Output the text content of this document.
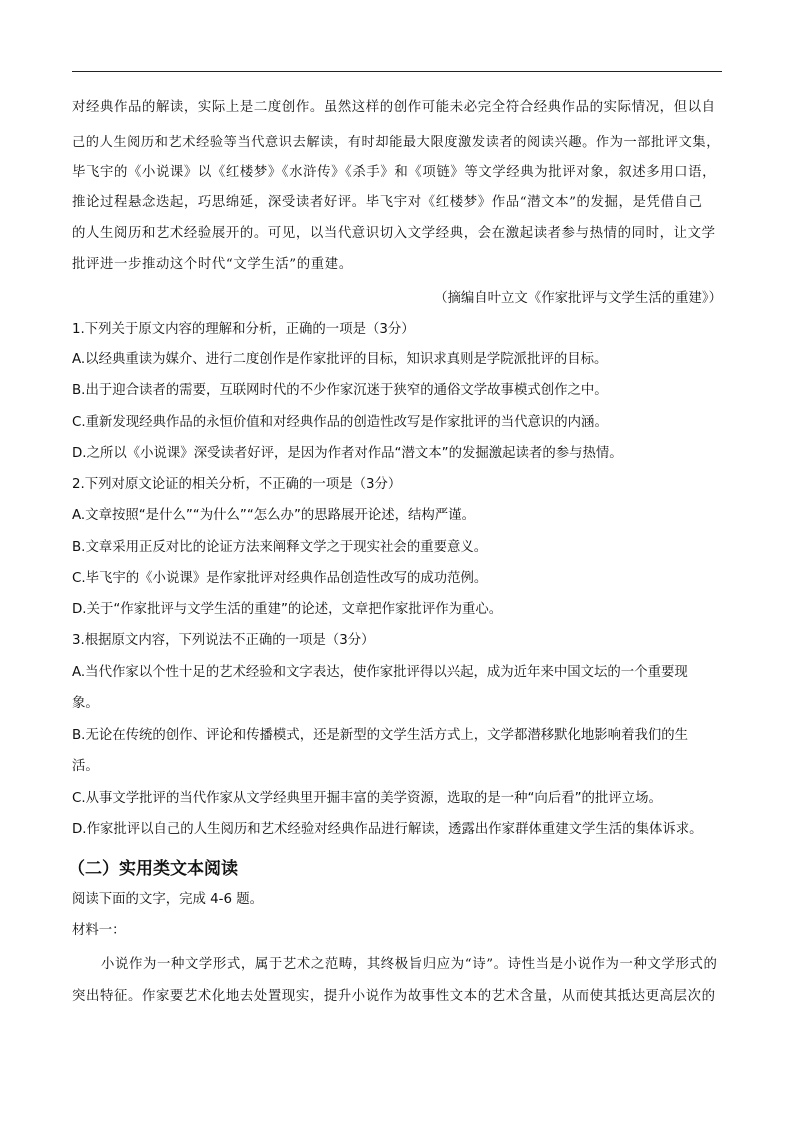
对经典作品的解读，实际上是二度创作。虽然这样的创作可能未必完全符合经典作品的实际情况，但以自

己的人生阅历和艺术经验等当代意识去解读，有时却能最大限度激发读者的阅读兴趣。作为一部批评文集，

毕飞宇的《小说课》以《红楼梦》《水浒传》《杀手》和《项链》等文学经典为批评对象，叙述多用口语，

推论过程悬念迭起，巧思绵延，深受读者好评。毕飞宇对《红楼梦》作品“潜文本”的发掘，是凭借自己

的人生阅历和艺术经验展开的。可见，以当代意识切入文学经典，会在激起读者参与热情的同时，让文学

批评进一步推动这个时代“文学生活”的重建。

（摘编自叶立文《作家批评与文学生活的重建》）

1.下列关于原文内容的理解和分析，正确的一项是（3分）

A.以经典重读为媒介、进行二度创作是作家批评的目标，知识求真则是学院派批评的目标。

B.出于迎合读者的需要，互联网时代的不少作家沉迷于狭窄的通俗文学故事模式创作之中。

C.重新发现经典作品的永恒价值和对经典作品的创造性改写是作家批评的当代意识的内涵。

D.之所以《小说课》深受读者好评，是因为作者对作品“潜文本”的发掘激起读者的参与热情。

2.下列对原文论证的相关分析，不正确的一项是（3分）

A.文章按照“是什么”“为什么”“怎么办”的思路展开论述，结构严谨。

B.文章采用正反对比的论证方法来阐释文学之于现实社会的重要意义。

C.毕飞宇的《小说课》是作家批评对经典作品创造性改写的成功范例。

D.关于“作家批评与文学生活的重建”的论述，文章把作家批评作为重心。

3.根据原文内容，下列说法不正确的一项是（3分）

A.当代作家以个性十足的艺术经验和文字表达，使作家批评得以兴起，成为近年来中国文坛的一个重要现

象。

B.无论在传统的创作、评论和传播模式，还是新型的文学生活方式上，文学都潜移默化地影响着我们的生

活。

C.从事文学批评的当代作家从文学经典里开掘丰富的美学资源，选取的是一种“向后看”的批评立场。

D.作家批评以自己的人生阅历和艺术经验对经典作品进行解读，透露出作家群体重建文学生活的集体诉求。

（二）实用类文本阅读

阅读下面的文字，完成 4-6 题。

材料一：

小说作为一种文学形式，属于艺术之范畴，其终极旨归应为“诗”。诗性当是小说作为一种文学形式的

突出特征。作家要艺术化地去处置现实，提升小说作为故事性文本的艺术含量，从而使其抵达更高层次的
